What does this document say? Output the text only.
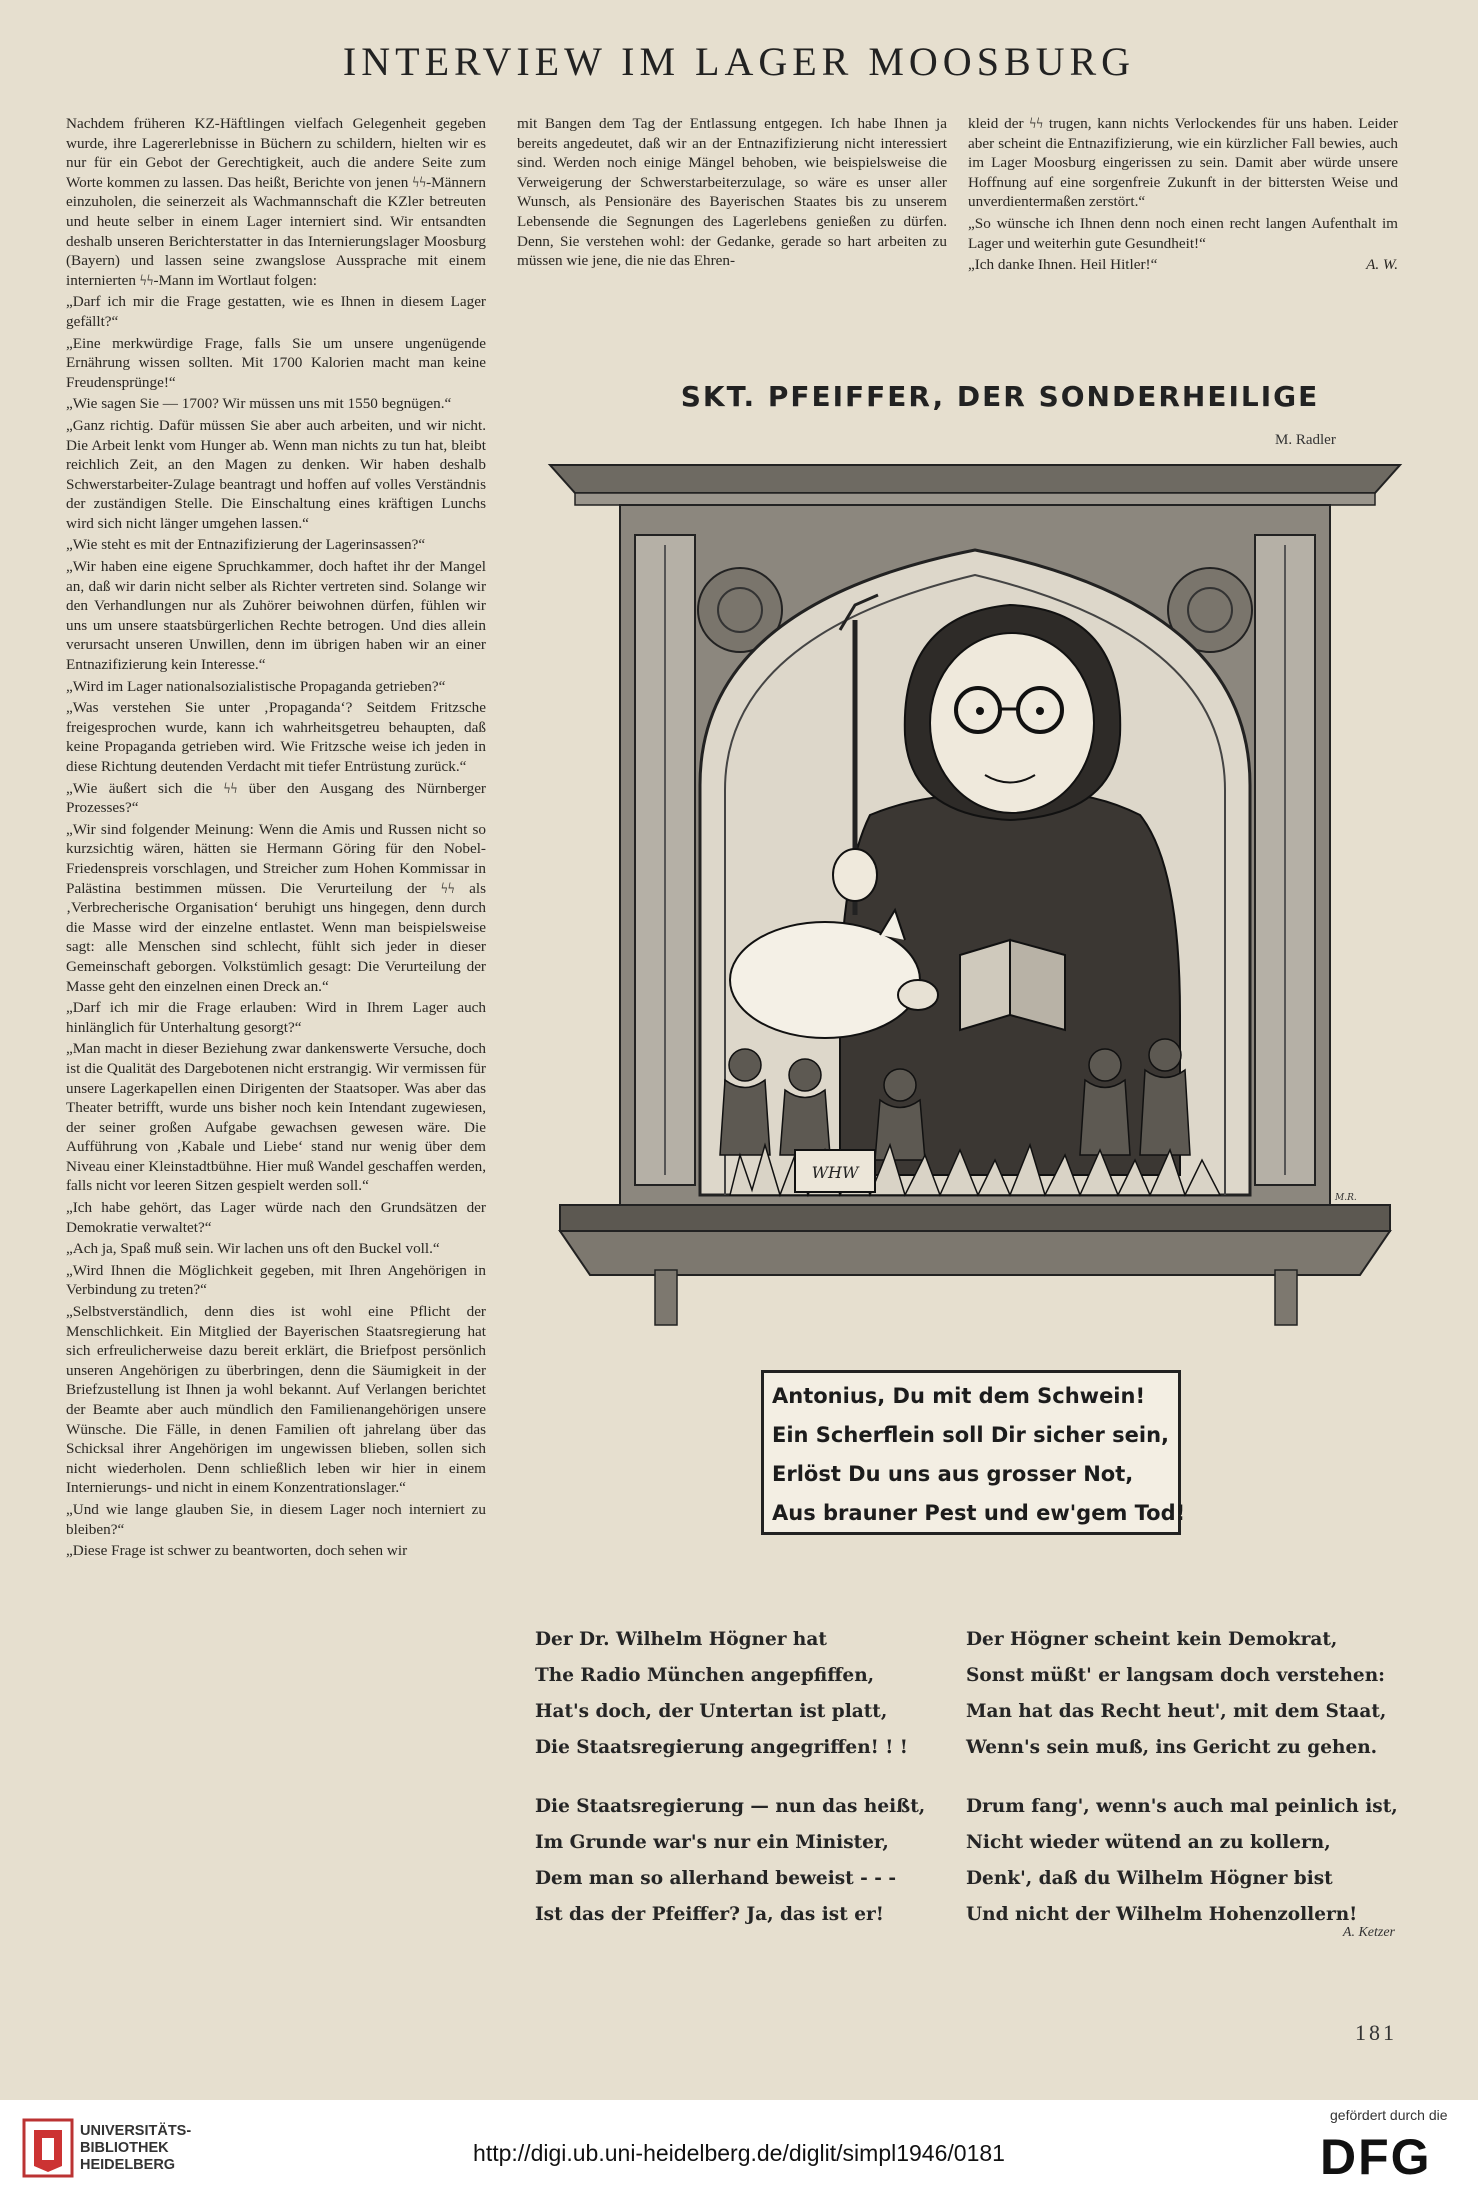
INTERVIEW IM LAGER MOOSBURG

Nachdem früheren KZ-Häftlingen vielfach Gelegenheit gegeben wurde, ihre Lagererlebnisse in Büchern zu schildern, hielten wir es nur für ein Gebot der Gerechtigkeit, auch die andere Seite zum Worte kommen zu lassen. Das heißt, Berichte von jenen ϟϟ-Männern einzuholen, die seinerzeit als Wachmannschaft die KZler betreuten und heute selber in einem Lager interniert sind. Wir entsandten deshalb unseren Berichterstatter in das Internierungslager Moosburg (Bayern) und lassen seine zwangslose Aussprache mit einem internierten ϟϟ-Mann im Wortlaut folgen:

„Darf ich mir die Frage gestatten, wie es Ihnen in diesem Lager gefällt?“

„Eine merkwürdige Frage, falls Sie um unsere ungenügende Ernährung wissen sollten. Mit 1700 Kalorien macht man keine Freudensprünge!“

„Wie sagen Sie — 1700? Wir müssen uns mit 1550 begnügen.“

„Ganz richtig. Dafür müssen Sie aber auch arbeiten, und wir nicht. Die Arbeit lenkt vom Hunger ab. Wenn man nichts zu tun hat, bleibt reichlich Zeit, an den Magen zu denken. Wir haben deshalb Schwerstarbeiter-Zulage beantragt und hoffen auf volles Verständnis der zuständigen Stelle. Die Einschaltung eines kräftigen Lunchs wird sich nicht länger umgehen lassen.“

„Wie steht es mit der Entnazifizierung der Lagerinsassen?“

„Wir haben eine eigene Spruchkammer, doch haftet ihr der Mangel an, daß wir darin nicht selber als Richter vertreten sind. Solange wir den Verhandlungen nur als Zuhörer beiwohnen dürfen, fühlen wir uns um unsere staatsbürgerlichen Rechte betrogen. Und dies allein verursacht unseren Unwillen, denn im übrigen haben wir an einer Entnazifizierung kein Interesse.“

„Wird im Lager nationalsozialistische Propaganda getrieben?“

„Was verstehen Sie unter ‚Propaganda‘? Seitdem Fritzsche freigesprochen wurde, kann ich wahrheitsgetreu behaupten, daß keine Propaganda getrieben wird. Wie Fritzsche weise ich jeden in diese Richtung deutenden Verdacht mit tiefer Entrüstung zurück.“

„Wie äußert sich die ϟϟ über den Ausgang des Nürnberger Prozesses?“

„Wir sind folgender Meinung: Wenn die Amis und Russen nicht so kurzsichtig wären, hätten sie Hermann Göring für den Nobel-Friedenspreis vorschlagen, und Streicher zum Hohen Kommissar in Palästina bestimmen müssen. Die Verurteilung der ϟϟ als ‚Verbrecherische Organisation‘ beruhigt uns hingegen, denn durch die Masse wird der einzelne entlastet. Wenn man beispielsweise sagt: alle Menschen sind schlecht, fühlt sich jeder in dieser Gemeinschaft geborgen. Volkstümlich gesagt: Die Verurteilung der Masse geht den einzelnen einen Dreck an.“

„Darf ich mir die Frage erlauben: Wird in Ihrem Lager auch hinlänglich für Unterhaltung gesorgt?“

„Man macht in dieser Beziehung zwar dankenswerte Versuche, doch ist die Qualität des Dargebotenen nicht erstrangig. Wir vermissen für unsere Lagerkapellen einen Dirigenten der Staatsoper. Was aber das Theater betrifft, wurde uns bisher noch kein Intendant zugewiesen, der seiner großen Aufgabe gewachsen gewesen wäre. Die Aufführung von ‚Kabale und Liebe‘ stand nur wenig über dem Niveau einer Kleinstadtbühne. Hier muß Wandel geschaffen werden, falls nicht vor leeren Sitzen gespielt werden soll.“

„Ich habe gehört, das Lager würde nach den Grundsätzen der Demokratie verwaltet?“

„Ach ja, Spaß muß sein. Wir lachen uns oft den Buckel voll.“

„Wird Ihnen die Möglichkeit gegeben, mit Ihren Angehörigen in Verbindung zu treten?“

„Selbstverständlich, denn dies ist wohl eine Pflicht der Menschlichkeit. Ein Mitglied der Bayerischen Staatsregierung hat sich erfreulicherweise dazu bereit erklärt, die Briefpost persönlich unseren Angehörigen zu überbringen, denn die Säumigkeit in der Briefzustellung ist Ihnen ja wohl bekannt. Auf Verlangen berichtet der Beamte aber auch mündlich den Familienangehörigen unsere Wünsche. Die Fälle, in denen Familien oft jahrelang über das Schicksal ihrer Angehörigen im ungewissen blieben, sollen sich nicht wiederholen. Denn schließlich leben wir hier in einem Internierungs- und nicht in einem Konzentrationslager.“

„Und wie lange glauben Sie, in diesem Lager noch interniert zu bleiben?“

„Diese Frage ist schwer zu beantworten, doch sehen wir

mit Bangen dem Tag der Entlassung entgegen. Ich habe Ihnen ja bereits angedeutet, daß wir an der Entnazifizierung nicht interessiert sind. Werden noch einige Mängel behoben, wie beispielsweise die Verweigerung der Schwerstarbeiterzulage, so wäre es unser aller Wunsch, als Pensionäre des Bayerischen Staates bis zu unserem Lebensende die Segnungen des Lagerlebens genießen zu dürfen. Denn, Sie verstehen wohl: der Gedanke, gerade so hart arbeiten zu müssen wie jene, die nie das Ehren-

kleid der ϟϟ trugen, kann nichts Verlockendes für uns haben. Leider aber scheint die Entnazifizierung, wie ein kürzlicher Fall bewies, auch im Lager Moosburg eingerissen zu sein. Damit aber würde unsere Hoffnung auf eine sorgenfreie Zukunft in der bittersten Weise und unverdientermaßen zerstört.“

„So wünsche ich Ihnen denn noch einen recht langen Aufenthalt im Lager und weiterhin gute Gesundheit!“

„Ich danke Ihnen. Heil Hitler!“	A. W.

SKT. PFEIFFER, DER SONDERHEILIGE
M. Radler
WHW
M.R.
Antonius, Du mit dem Schwein!
Ein Scherflein soll Dir sicher sein,
Erlöst Du uns aus grosser Not,
Aus brauner Pest und ew'gem Tod!

Der Dr. Wilhelm Högner hat
The Radio München angepfiffen,
Hat's doch, der Untertan ist platt,
Die Staatsregierung angegriffen! ! !

Die Staatsregierung — nun das heißt,
Im Grunde war's nur ein Minister,
Dem man so allerhand beweist - - -
Ist das der Pfeiffer? Ja, das ist er!

Der Högner scheint kein Demokrat,
Sonst müßt' er langsam doch verstehen:
Man hat das Recht heut', mit dem Staat,
Wenn's sein muß, ins Gericht zu gehen.

Drum fang', wenn's auch mal peinlich ist,
Nicht wieder wütend an zu kollern,
Denk', daß du Wilhelm Högner bist
Und nicht der Wilhelm Hohenzollern!

A. Ketzer
181
UNIVERSITÄTS-
BIBLIOTHEK
HEIDELBERG	http://digi.ub.uni-heidelberg.de/diglit/simpl1946/0181
gefördert durch die
DFG
